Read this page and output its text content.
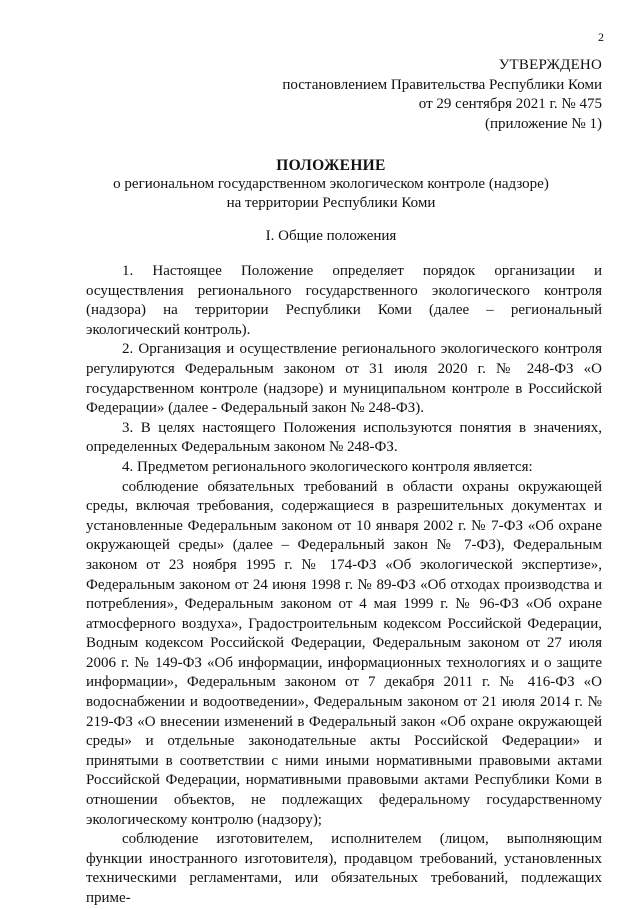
2
УТВЕРЖДЕНО
постановлением Правительства Республики Коми
от 29 сентября 2021 г. № 475
(приложение № 1)
ПОЛОЖЕНИЕ
о региональном государственном экологическом контроле (надзоре)
на территории Республики Коми
I. Общие положения

1. Настоящее Положение определяет порядок организации и осуществления регионального государственного экологического контроля (надзора) на территории Республики Коми (далее – региональный экологический контроль).

2. Организация и осуществление регионального экологического контроля регулируются Федеральным законом от 31 июля 2020 г. № 248-ФЗ «О государственном контроле (надзоре) и муниципальном контроле в Российской Федерации» (далее - Федеральный закон № 248-ФЗ).

3. В целях настоящего Положения используются понятия в значениях, определенных Федеральным законом № 248-ФЗ.

4. Предметом регионального экологического контроля является:

соблюдение обязательных требований в области охраны окружающей среды, включая требования, содержащиеся в разрешительных документах и установленные Федеральным законом от 10 января 2002 г. № 7-ФЗ «Об охране окружающей среды» (далее – Федеральный закон № 7-ФЗ), Федеральным законом от 23 ноября 1995 г. № 174-ФЗ «Об экологической экспертизе», Федеральным законом от 24 июня 1998 г. № 89-ФЗ «Об отходах производства и потребления», Федеральным законом от 4 мая 1999 г. № 96-ФЗ «Об охране атмосферного воздуха», Градостроительным кодексом Российской Федерации, Водным кодексом Российской Федерации, Федеральным законом от 27 июля 2006 г. № 149-ФЗ «Об информации, информационных технологиях и о защите информации», Федеральным законом от 7 декабря 2011 г. № 416-ФЗ «О водоснабжении и водоотведении», Федеральным законом от 21 июля 2014 г. № 219-ФЗ «О внесении изменений в Федеральный закон «Об охране окружающей среды» и отдельные законодательные акты Российской Федерации» и принятыми в соответствии с ними иными нормативными правовыми актами Российской Федерации, нормативными правовыми актами Республики Коми в отношении объектов, не подлежащих федеральному государственному экологическому контролю (надзору);

соблюдение изготовителем, исполнителем (лицом, выполняющим функции иностранного изготовителя), продавцом требований, установленных техническими регламентами, или обязательных требований, подлежащих приме-
